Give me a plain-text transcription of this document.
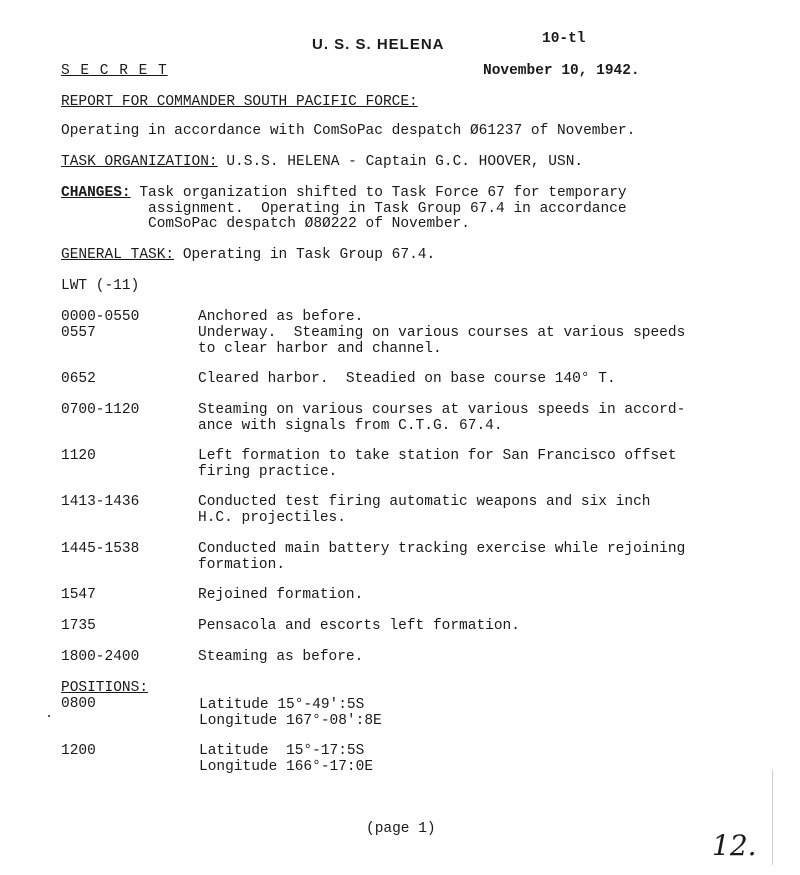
U. S. S. HELENA	10-tl
S E C R E T	November 10, 1942.
REPORT FOR COMMANDER SOUTH PACIFIC FORCE:
Operating in accordance with ComSoPac despatch Ø61237 of November.
TASK ORGANIZATION: U.S.S. HELENA - Captain G.C. HOOVER, USN.
CHANGES: Task organization shifted to Task Force 67 for temporary
assignment.  Operating in Task Group 67.4 in accordance
ComSoPac despatch Ø8Ø222 of November.
GENERAL TASK: Operating in Task Group 67.4.
LWT (-11)
0000-0550	Anchored as before.
0557	Underway.  Steaming on various courses at various speeds
to clear harbor and channel.
0652	Cleared harbor.  Steadied on base course 140° T.
0700-1120	Steaming on various courses at various speeds in accord-
ance with signals from C.T.G. 67.4.
1120	Left formation to take station for San Francisco offset
firing practice.
1413-1436	Conducted test firing automatic weapons and six inch
H.C. projectiles.
1445-1538	Conducted main battery tracking exercise while rejoining
formation.
1547	Rejoined formation.
1735	Pensacola and escorts left formation.
1800-2400	Steaming as before.
POSITIONS:
0800	Latitude 15°-49':5S
Longitude 167°-08':8E
1200	Latitude  15°-17:5S
Longitude 166°-17:0E
(page 1)	12.
